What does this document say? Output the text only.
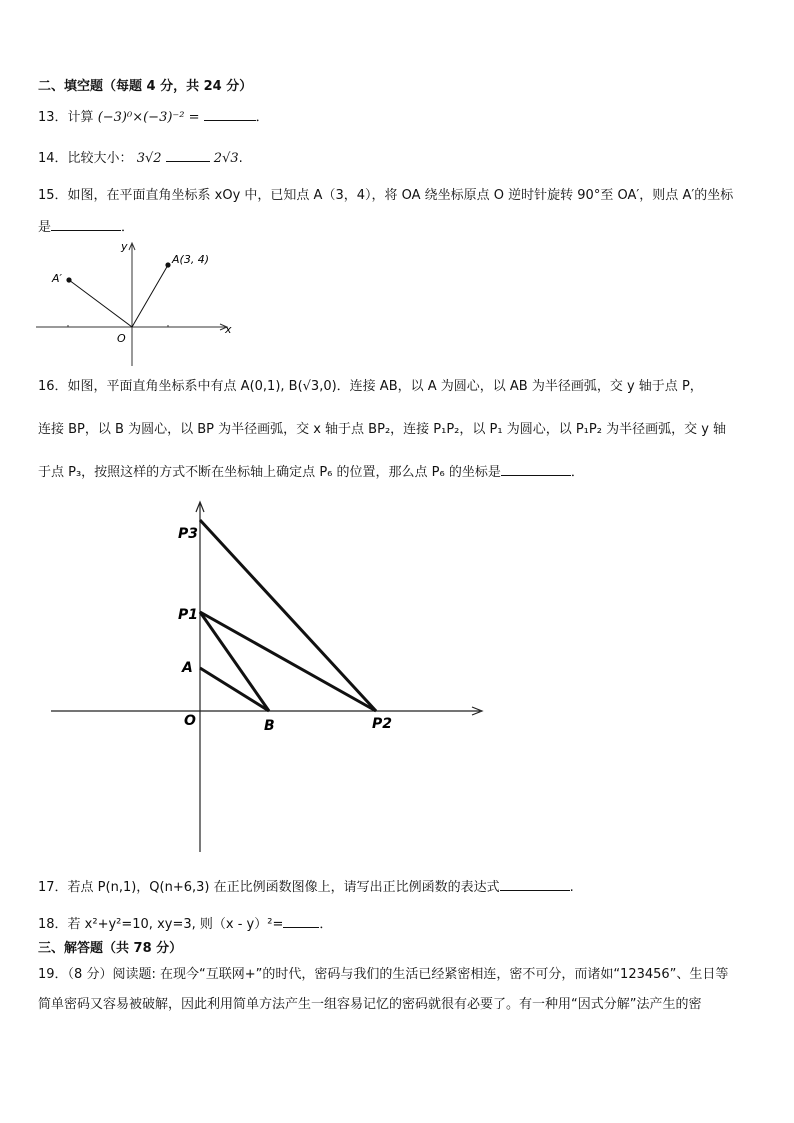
二、填空题（每题 4 分，共 24 分）
13．计算 (−3)⁰×(−3)⁻² =	．
14．比较大小： 3√2	2√3.
15．如图，在平面直角坐标系 xOy 中，已知点 A（3，4），将 OA 绕坐标原点 O 逆时针旋转 90°至 OA′，则点 A′的坐标
是	．
A(3, 4)
A′
O
x
y
16．如图，平面直角坐标系中有点 A(0,1), B(√3,0)．连接 AB，以 A 为圆心，以 AB 为半径画弧，交 y 轴于点 P，
连接 BP，以 B 为圆心，以 BP 为半径画弧，交 x 轴于点 BP₂，连接 P₁P₂，以 P₁ 为圆心，以 P₁P₂ 为半径画弧，交 y 轴
于点 P₃，按照这样的方式不断在坐标轴上确定点 P₆ 的位置，那么点 P₆ 的坐标是	．
P3
P1
A
O	B	P2
17．若点 P(n,1)，Q(n+6,3) 在正比例函数图像上，请写出正比例函数的表达式	.
18．若 x²+y²=10, xy=3, 则（x - y）²=	．
三、解答题（共 78 分）
19．（8 分）阅读题: 在现今“互联网+”的时代，密码与我们的生活已经紧密相连，密不可分，而诸如“123456”、生日等
简单密码又容易被破解，因此利用简单方法产生一组容易记忆的密码就很有必要了。有一种用“因式分解”法产生的密
